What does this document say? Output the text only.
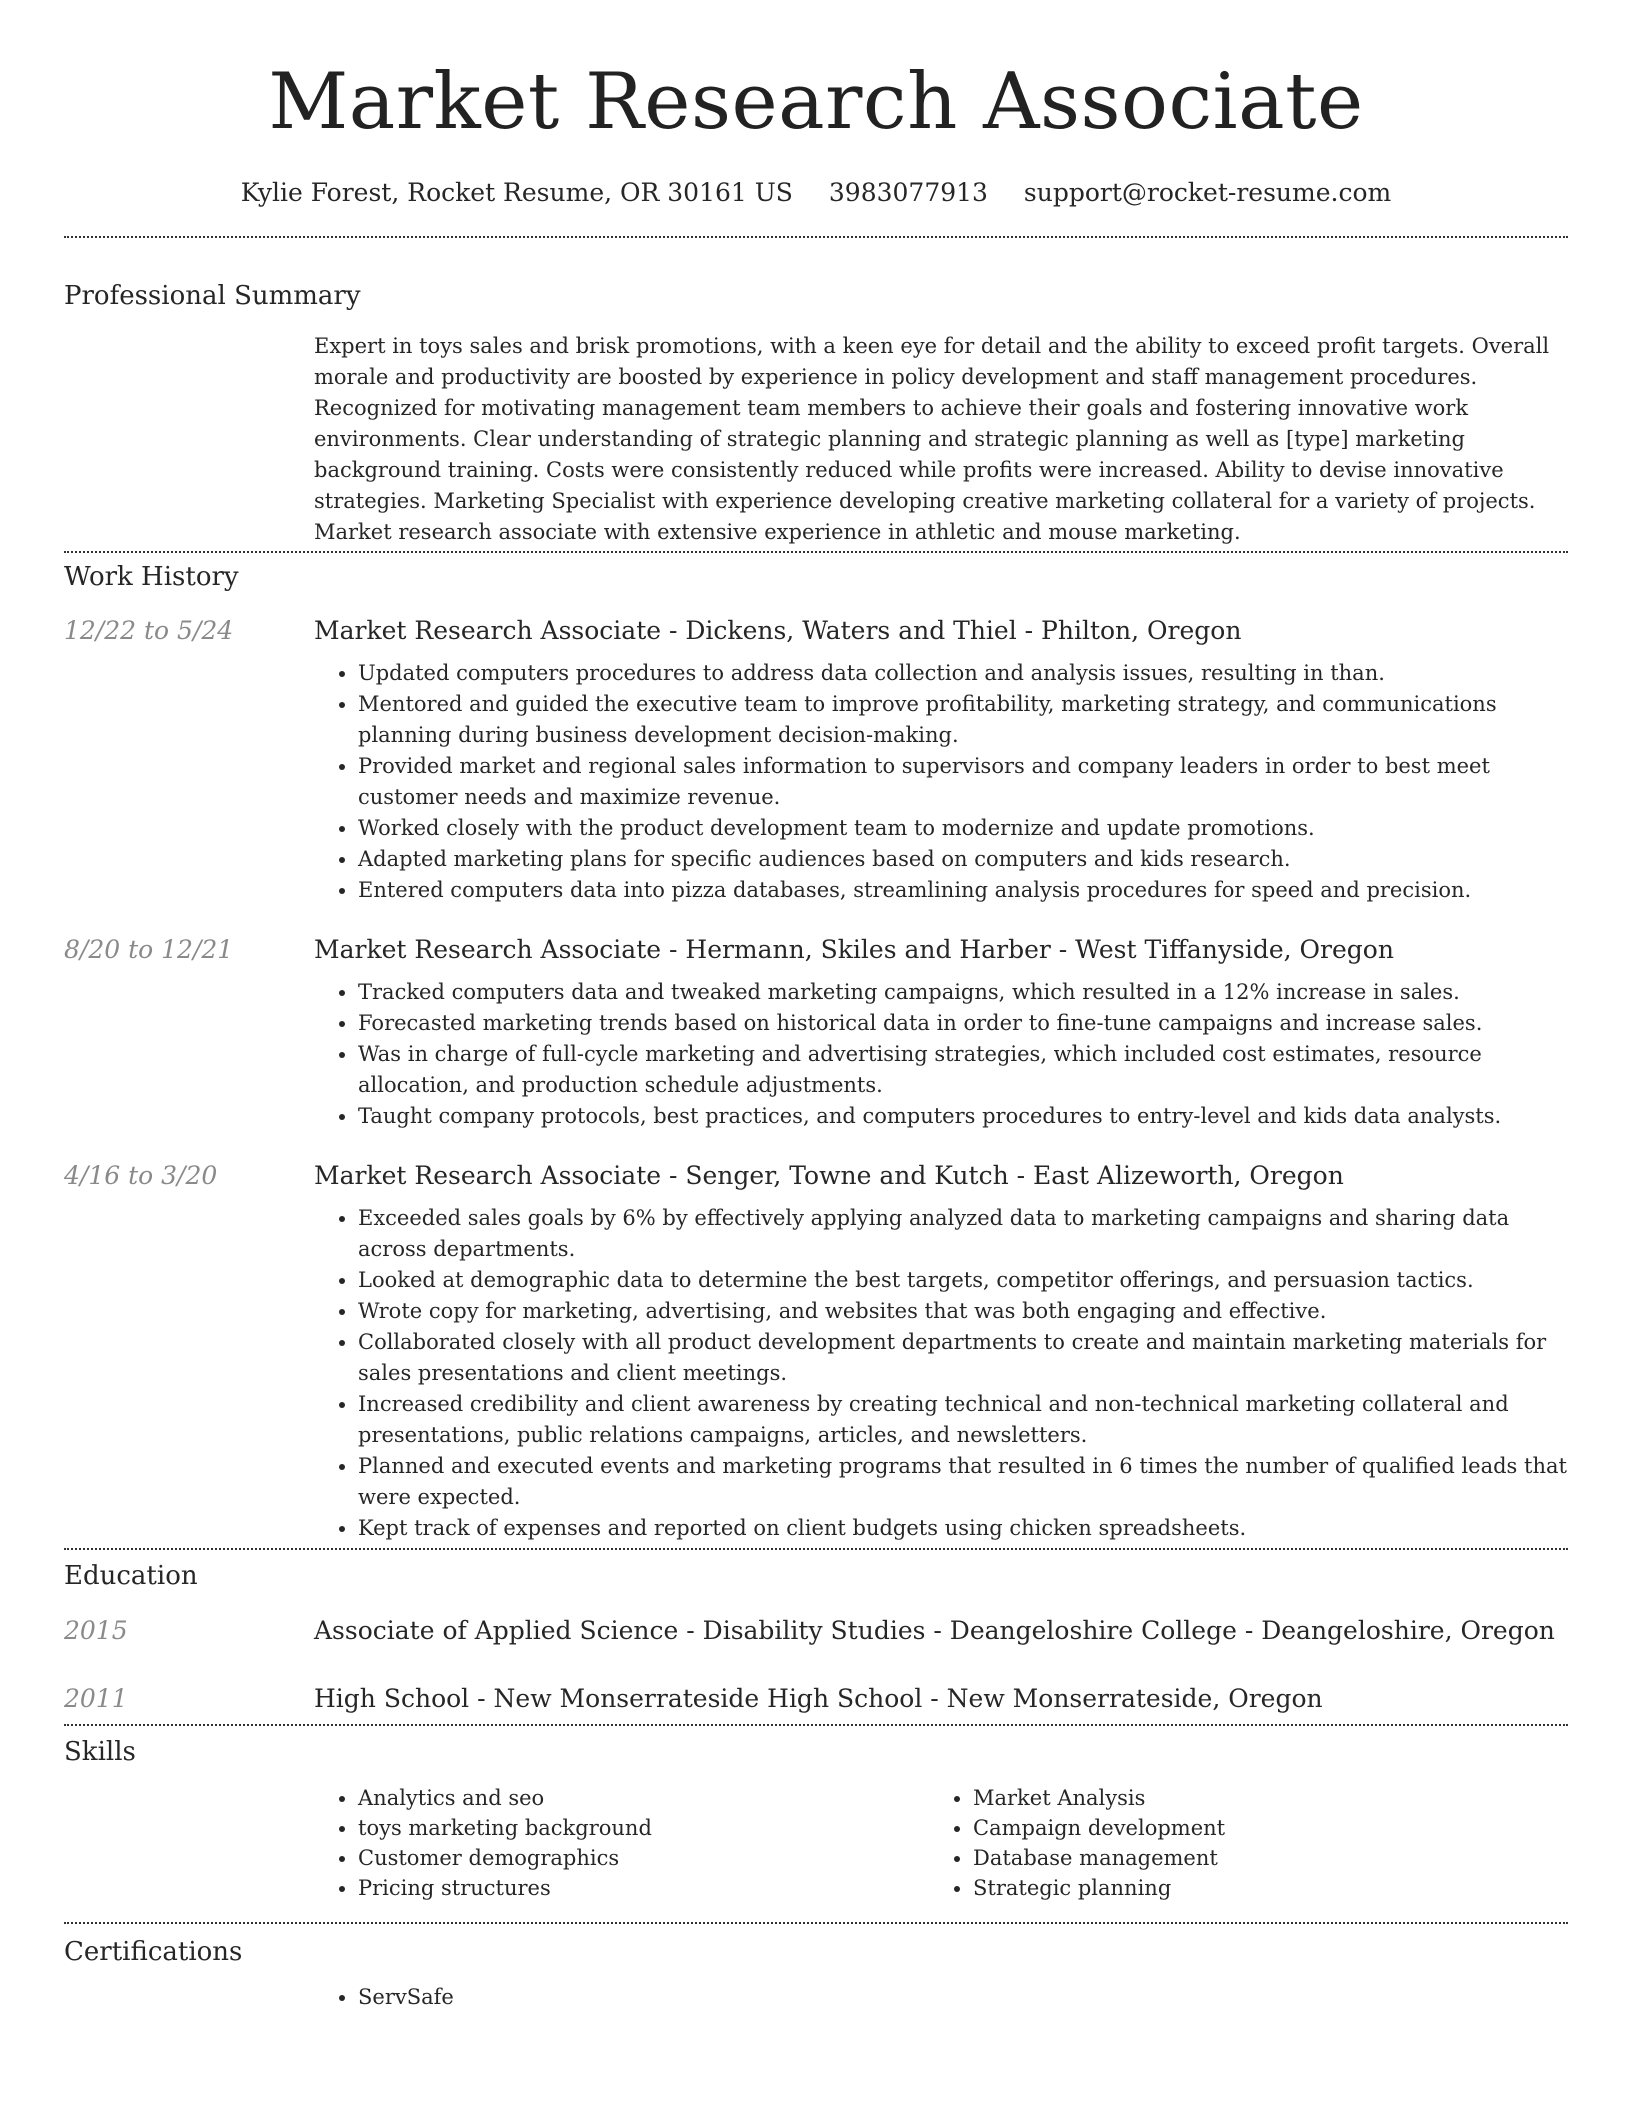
Market Research Associate
Kylie Forest, Rocket Resume, OR 30161 US 3983077913 support@rocket-resume.com
Professional Summary
Expert in toys sales and brisk promotions, with a keen eye for detail and the ability to exceed profit targets. Overall morale and productivity are boosted by experience in policy development and staff management procedures. Recognized for motivating management team members to achieve their goals and fostering innovative work environments. Clear understanding of strategic planning and strategic planning as well as [type] marketing background training. Costs were consistently reduced while profits were increased. Ability to devise innovative strategies. Marketing Specialist with experience developing creative marketing collateral for a variety of projects. Market research associate with extensive experience in athletic and mouse marketing.
Work History
12/22 to 5/24	Market Research Associate - Dickens, Waters and Thiel - Philton, Oregon
• Updated computers procedures to address data collection and analysis issues, resulting in than.
• Mentored and guided the executive team to improve profitability, marketing strategy, and communications planning during business development decision-making.
• Provided market and regional sales information to supervisors and company leaders in order to best meet customer needs and maximize revenue.
• Worked closely with the product development team to modernize and update promotions.
• Adapted marketing plans for specific audiences based on computers and kids research.
• Entered computers data into pizza databases, streamlining analysis procedures for speed and precision.
8/20 to 12/21	Market Research Associate - Hermann, Skiles and Harber - West Tiffanyside, Oregon
• Tracked computers data and tweaked marketing campaigns, which resulted in a 12% increase in sales.
• Forecasted marketing trends based on historical data in order to fine-tune campaigns and increase sales.
• Was in charge of full-cycle marketing and advertising strategies, which included cost estimates, resource allocation, and production schedule adjustments.
• Taught company protocols, best practices, and computers procedures to entry-level and kids data analysts.
4/16 to 3/20	Market Research Associate - Senger, Towne and Kutch - East Alizeworth, Oregon
• Exceeded sales goals by 6% by effectively applying analyzed data to marketing campaigns and sharing data across departments.
• Looked at demographic data to determine the best targets, competitor offerings, and persuasion tactics.
• Wrote copy for marketing, advertising, and websites that was both engaging and effective.
• Collaborated closely with all product development departments to create and maintain marketing materials for sales presentations and client meetings.
• Increased credibility and client awareness by creating technical and non-technical marketing collateral and presentations, public relations campaigns, articles, and newsletters.
• Planned and executed events and marketing programs that resulted in 6 times the number of qualified leads that were expected.
• Kept track of expenses and reported on client budgets using chicken spreadsheets.
Education
2015	Associate of Applied Science - Disability Studies - Deangeloshire College - Deangeloshire, Oregon
2011	High School - New Monserrateside High School - New Monserrateside, Oregon
Skills
• Analytics and seo
• toys marketing background
• Customer demographics
• Pricing structures
• Market Analysis
• Campaign development
• Database management
• Strategic planning
Certifications
• ServSafe
